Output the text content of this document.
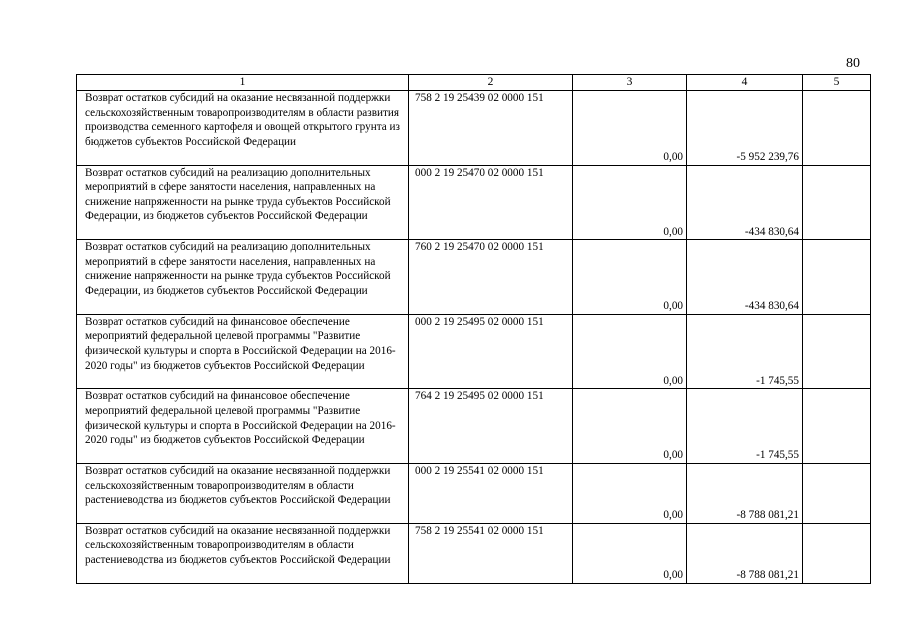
80
1	2	3	4	5
Возврат остатков субсидий на оказание несвязанной поддержки сельскохозяйственным товаропроизводителям в области развития производства семенного картофеля и овощей открытого грунта из бюджетов субъектов Российской Федерации	758 2 19 25439 02 0000 151	0,00	-5 952 239,76	
Возврат остатков субсидий на реализацию дополнительных мероприятий в сфере занятости населения, направленных на снижение напряженности на рынке труда субъектов Российской Федерации, из бюджетов субъектов Российской Федерации	000 2 19 25470 02 0000 151	0,00	-434 830,64	
Возврат остатков субсидий на реализацию дополнительных мероприятий в сфере занятости населения, направленных на снижение напряженности на рынке труда субъектов Российской Федерации, из бюджетов субъектов Российской Федерации	760 2 19 25470 02 0000 151	0,00	-434 830,64	
Возврат остатков субсидий на финансовое обеспечение мероприятий федеральной целевой программы "Развитие физической культуры и спорта в Российской Федерации на 2016-2020 годы" из бюджетов субъектов Российской Федерации	000 2 19 25495 02 0000 151	0,00	-1 745,55	
Возврат остатков субсидий на финансовое обеспечение мероприятий федеральной целевой программы "Развитие физической культуры и спорта в Российской Федерации на 2016-2020 годы" из бюджетов субъектов Российской Федерации	764 2 19 25495 02 0000 151	0,00	-1 745,55	
Возврат остатков субсидий на оказание несвязанной поддержки сельскохозяйственным товаропроизводителям в области растениеводства из бюджетов субъектов Российской Федерации	000 2 19 25541 02 0000 151	0,00	-8 788 081,21	
Возврат остатков субсидий на оказание несвязанной поддержки сельскохозяйственным товаропроизводителям в области растениеводства из бюджетов субъектов Российской Федерации	758 2 19 25541 02 0000 151	0,00	-8 788 081,21	
